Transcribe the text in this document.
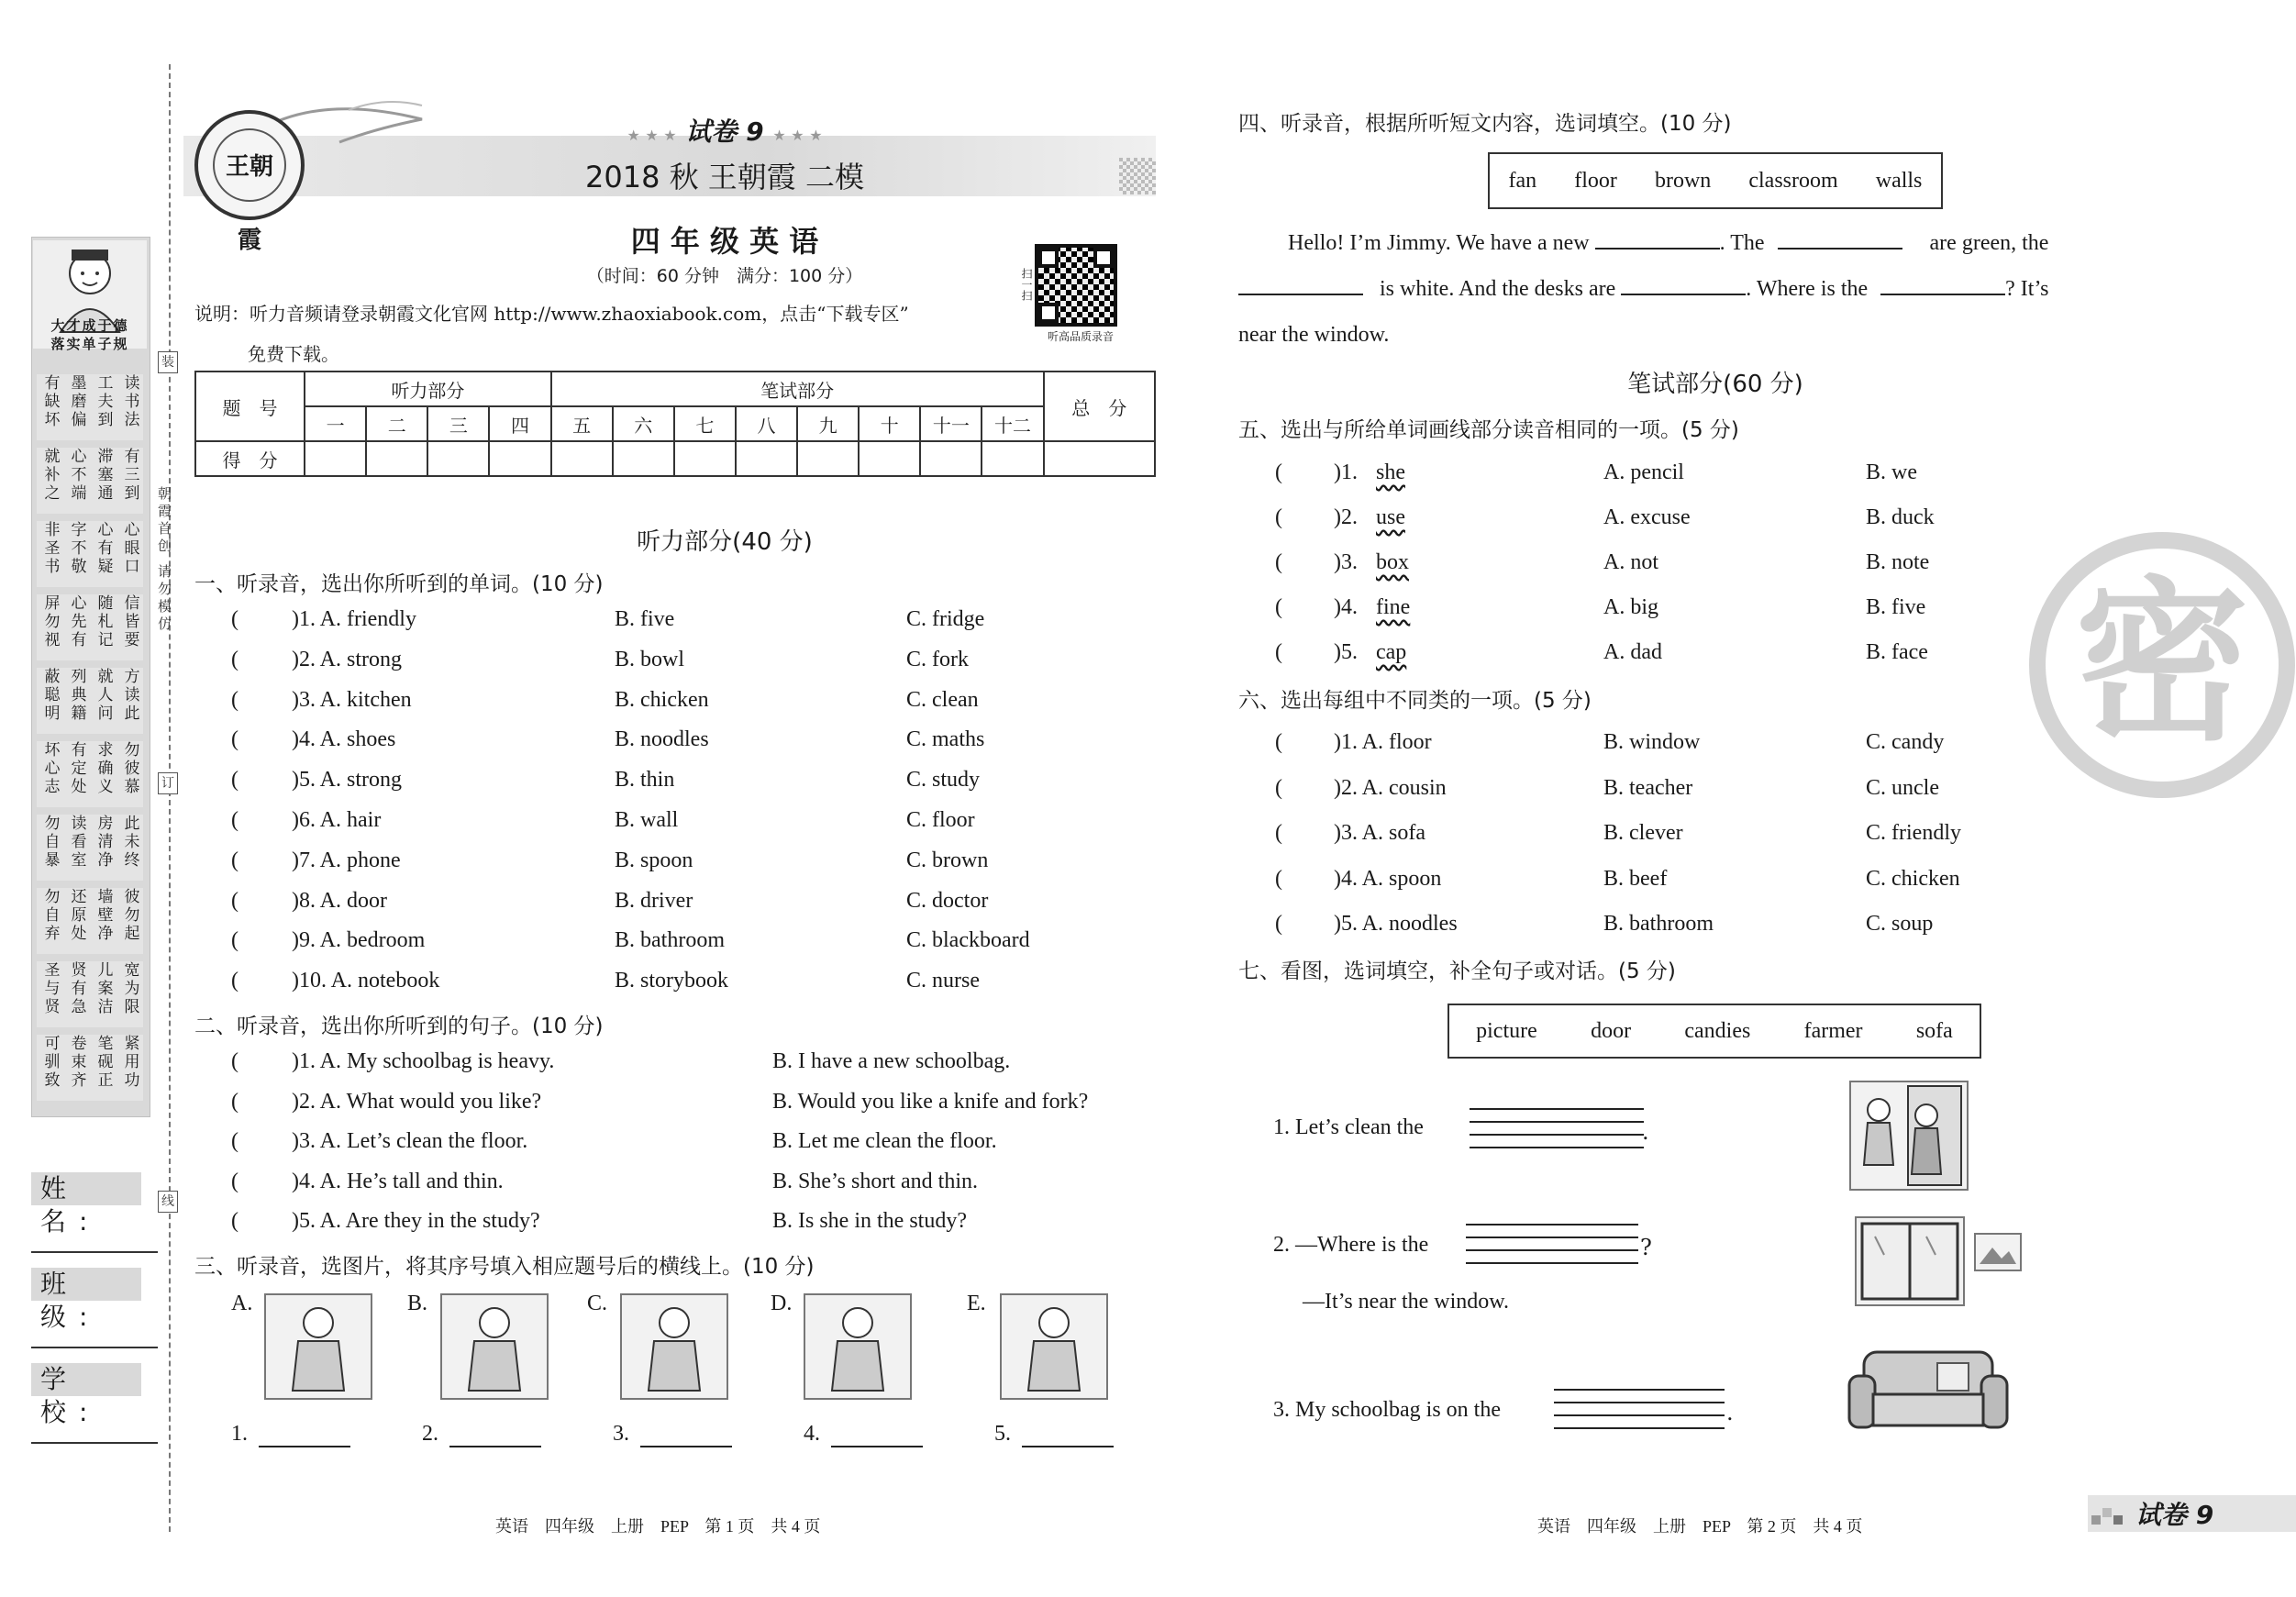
大才成于德
落实单子规
有缺坏 墨磨偏 工夫到 读书法
就补之 心不端 滞塞通 有三到
非圣书 字不敬 心有疑 心眼口
屏勿视 心先有 随札记 信皆要
蔽聪明 列典籍 就人问 方读此
坏心志 有定处 求确义 勿彼慕
勿自暴 读看室 房清净 此未终
勿自弃 还原处 墙壁净 彼勿起
圣与贤 贤有急 儿案洁 宽为限
可驯致 卷束齐 笔砚正 紧用功
姓 名:
班 级:
学 校:
装
朝霞首创 请勿模仿
订
线
王朝霞
★ ★ ★ 试卷 9 ★ ★ ★
2018 秋 王朝霞 二模
四 年 级 英 语
（时间：60 分钟　满分：100 分）
说明：听力音频请登录朝霞文化官网 http://www.zhaoxiabook.com，点击“下载专区”
免费下载。
扫一扫
听高品质录音
题　号	听力部分				笔试部分								总　分
	一	二	三	四	五	六	七	八	九	十	十一	十二	
得　分													
听力部分(40 分)
一、听录音，选出你所听到的单词。(10 分)
( )1. A. friendly	B. five	C. fridge
( )2. A. strong	B. bowl	C. fork
( )3. A. kitchen	B. chicken	C. clean
( )4. A. shoes	B. noodles	C. maths
( )5. A. strong	B. thin	C. study
( )6. A. hair	B. wall	C. floor
( )7. A. phone	B. spoon	C. brown
( )8. A. door	B. driver	C. doctor
( )9. A. bedroom	B. bathroom	C. blackboard
( )10. A. notebook	B. storybook	C. nurse
二、听录音，选出你所听到的句子。(10 分)
( )1. A. My schoolbag is heavy.	B. I have a new schoolbag.
( )2. A. What would you like?	B. Would you like a knife and fork?
( )3. A. Let’s clean the floor.	B. Let me clean the floor.
( )4. A. He’s tall and thin.	B. She’s short and thin.
( )5. A. Are they in the study?	B. Is she in the study?
三、听录音，选图片，将其序号填入相应题号后的横线上。(10 分)
A.
1.
B.
2.
C.
3.
D.
4.
E.
5.
四、听录音，根据所听短文内容，选词填空。(10 分)
fan floor brown classroom walls
Hello! I’m Jimmy. We have a new	. The	are green, the
is white. And the desks are	. Where is the	? It’s
near the window.
笔试部分(60 分)
五、选出与所给单词画线部分读音相同的一项。(5 分)
( )1. she	A. pencil	B. we
( )2. use	A. excuse	B. duck
( )3. box	A. not	B. note
( )4. fine	A. big	B. five
( )5. cap	A. dad	B. face
六、选出每组中不同类的一项。(5 分)
( )1. A. floor	B. window	C. candy
( )2. A. cousin	B. teacher	C. uncle
( )3. A. sofa	B. clever	C. friendly
( )4. A. spoon	B. beef	C. chicken
( )5. A. noodles	B. bathroom	C. soup
七、看图，选词填空，补全句子或对话。(5 分)
picture door candies farmer sofa
1. Let’s clean the	.
2. —Where is the	?
—It’s near the window.
3. My schoolbag is on the	.
密
英语　四年级　上册　PEP　第 1 页　共 4 页	英语　四年级　上册　PEP　第 2 页　共 4 页	试卷 9
